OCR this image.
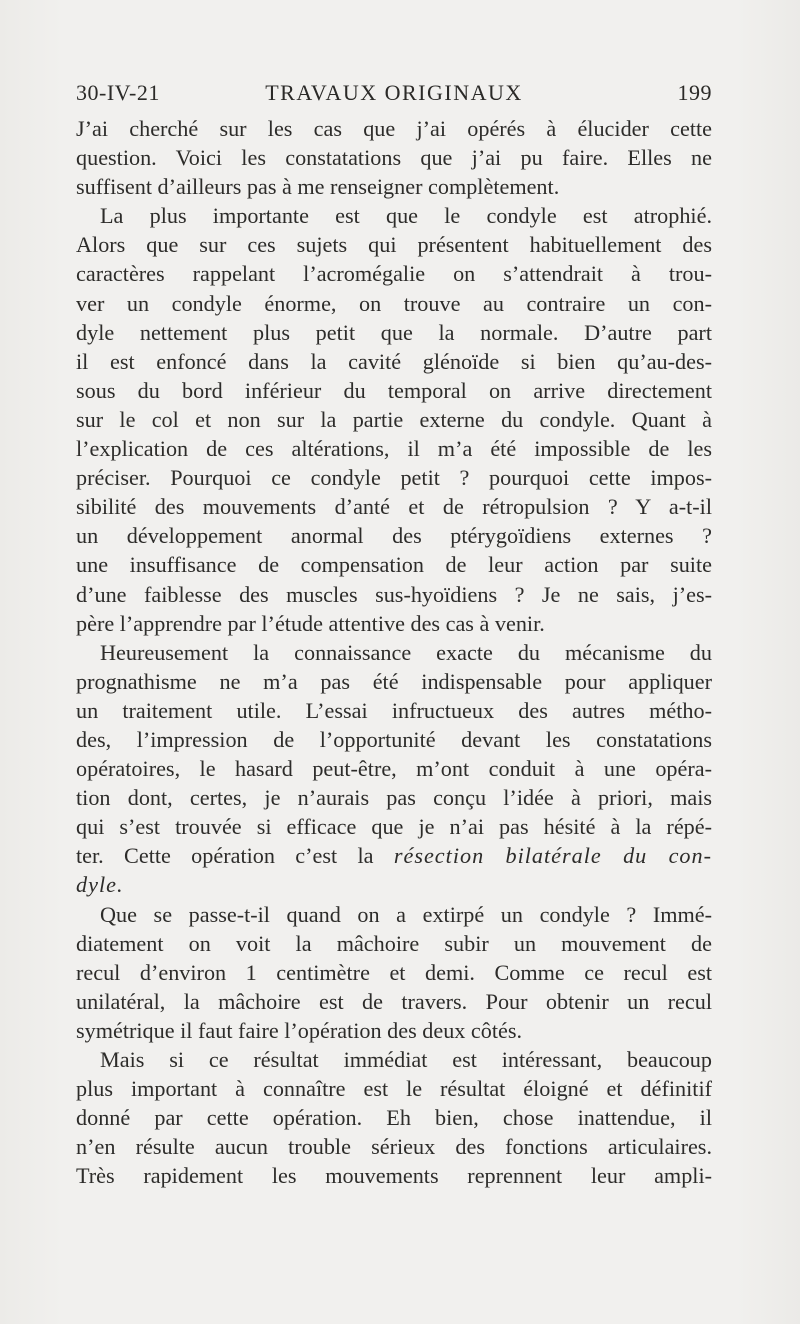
30-IV-21	TRAVAUX ORIGINAUX	199
J’ai cherché sur les cas que j’ai opérés à élucider cette
question. Voici les constatations que j’ai pu faire. Elles ne
suffisent d’ailleurs pas à me renseigner complètement.
La plus importante est que le condyle est atrophié.
Alors que sur ces sujets qui présentent habituellement des
caractères rappelant l’acromégalie on s’attendrait à trou-
ver un condyle énorme, on trouve au contraire un con-
dyle nettement plus petit que la normale. D’autre part
il est enfoncé dans la cavité glénoïde si bien qu’au-des-
sous du bord inférieur du temporal on arrive directement
sur le col et non sur la partie externe du condyle. Quant à
l’explication de ces altérations, il m’a été impossible de les
préciser. Pourquoi ce condyle petit ? pourquoi cette impos-
sibilité des mouvements d’anté et de rétropulsion ? Y a-t-il
un développement anormal des ptérygoïdiens externes ?
une insuffisance de compensation de leur action par suite
d’une faiblesse des muscles sus-hyoïdiens ? Je ne sais, j’es-
père l’apprendre par l’étude attentive des cas à venir.
Heureusement la connaissance exacte du mécanisme du
prognathisme ne m’a pas été indispensable pour appliquer
un traitement utile. L’essai infructueux des autres métho-
des, l’impression de l’opportunité devant les constatations
opératoires, le hasard peut-être, m’ont conduit à une opéra-
tion dont, certes, je n’aurais pas conçu l’idée à priori, mais
qui s’est trouvée si efficace que je n’ai pas hésité à la répé-
ter. Cette opération c’est la résection bilatérale du con-
dyle.
Que se passe-t-il quand on a extirpé un condyle ? Immé-
diatement on voit la mâchoire subir un mouvement de
recul d’environ 1 centimètre et demi. Comme ce recul est
unilatéral, la mâchoire est de travers. Pour obtenir un recul
symétrique il faut faire l’opération des deux côtés.
Mais si ce résultat immédiat est intéressant, beaucoup
plus important à connaître est le résultat éloigné et définitif
donné par cette opération. Eh bien, chose inattendue, il
n’en résulte aucun trouble sérieux des fonctions articulaires.
Très rapidement les mouvements reprennent leur ampli-
